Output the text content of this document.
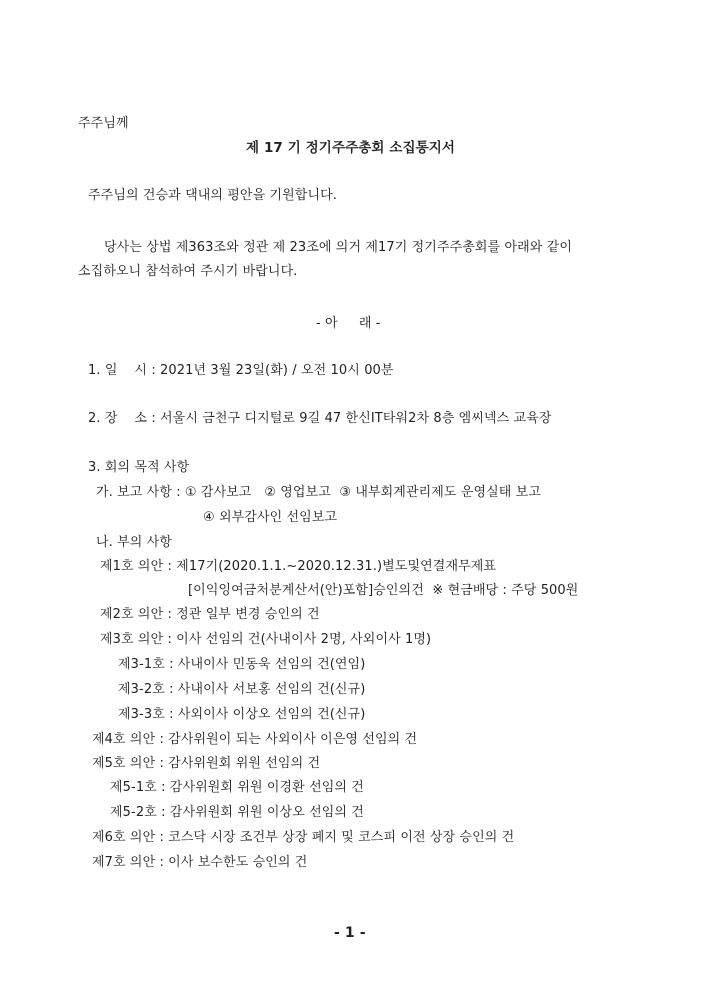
주주님께
제 17 기 정기주주총회 소집통지서
주주님의 건승과 댁내의 평안을 기원합니다.
당사는 상법 제363조와 정관 제 23조에 의거 제17기 정기주주총회를 아래와 같이
소집하오니 참석하여 주시기 바랍니다.
- 아     래 -
1. 일    시 : 2021년 3월 23일(화) / 오전 10시 00분
2. 장    소 : 서울시 금천구 디지털로 9길 47 한신IT타워2차 8층 엠씨넥스 교육장
3. 회의 목적 사항
가. 보고 사항 : ① 감사보고   ② 영업보고  ③ 내부회계관리제도 운영실태 보고
④ 외부감사인 선임보고
나. 부의 사항
제1호 의안 : 제17기(2020.1.1.~2020.12.31.)별도및연결재무제표
[이익잉여금처분계산서(안)포함]승인의건  ※ 현금배당 : 주당 500원
제2호 의안 : 정관 일부 변경 승인의 건
제3호 의안 : 이사 선임의 건(사내이사 2명, 사외이사 1명)
제3-1호 : 사내이사 민동욱 선임의 건(연임)
제3-2호 : 사내이사 서보홍 선임의 건(신규)
제3-3호 : 사외이사 이상오 선임의 건(신규)
제4호 의안 : 감사위원이 되는 사외이사 이은영 선임의 건
제5호 의안 : 감사위원회 위원 선임의 건
제5-1호 : 감사위원회 위원 이경환 선임의 건
제5-2호 : 감사위원회 위원 이상오 선임의 건
제6호 의안 : 코스닥 시장 조건부 상장 폐지 및 코스피 이전 상장 승인의 건
제7호 의안 : 이사 보수한도 승인의 건
- 1 -
